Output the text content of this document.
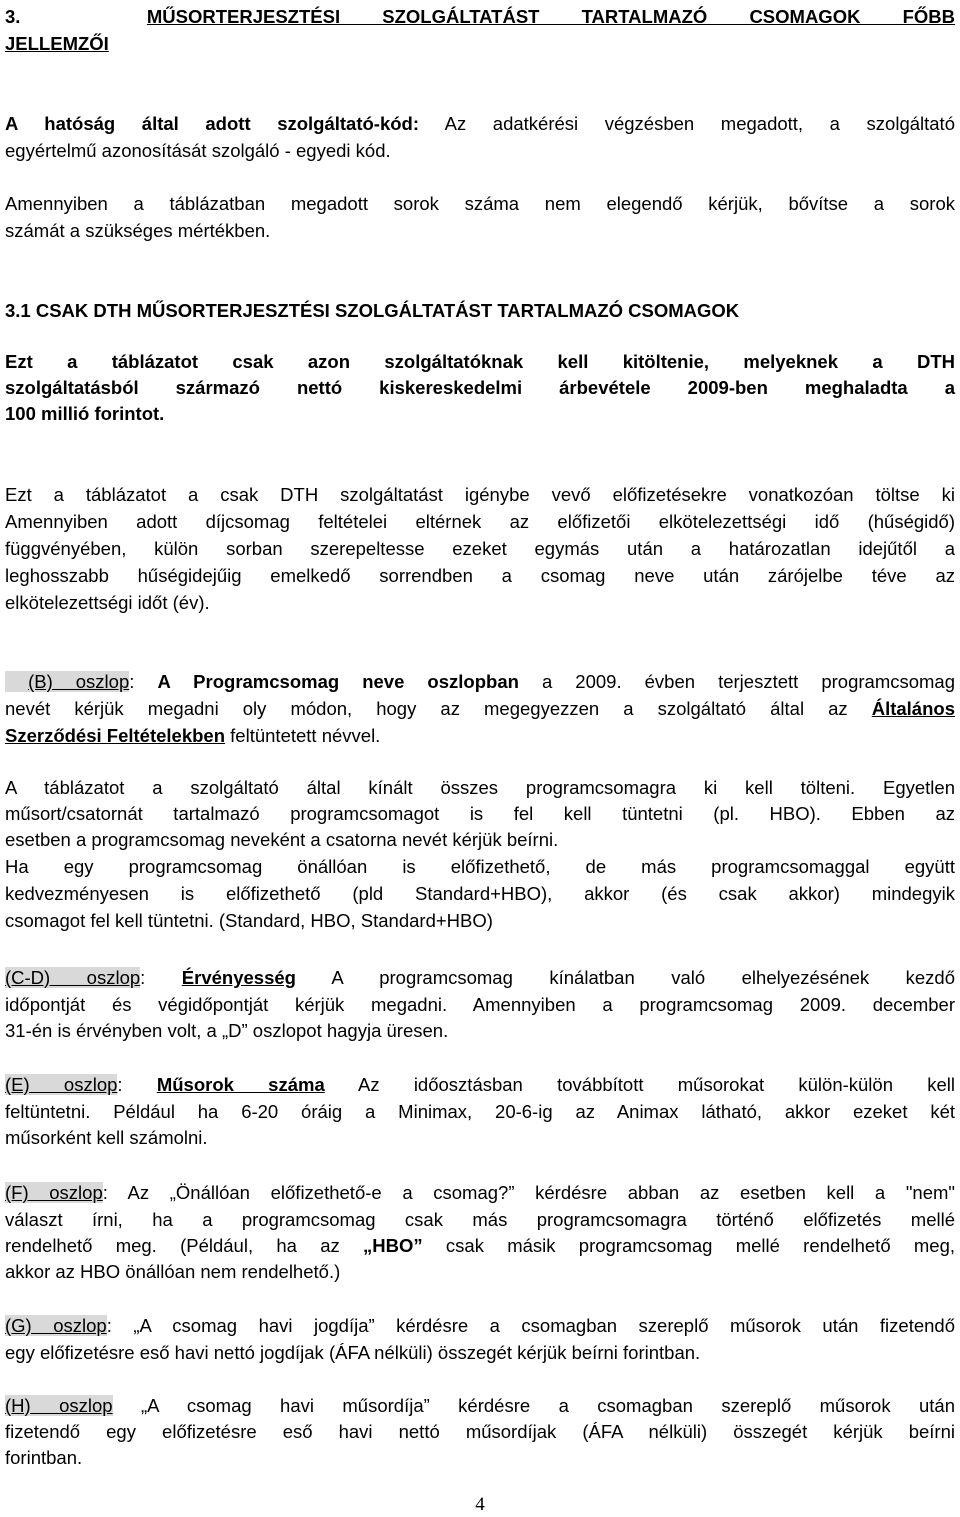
3.	MŰSORTERJESZTÉSI SZOLGÁLTATÁST TARTALMAZÓ CSOMAGOK FŐBB
JELLEMZŐI
A hatóság által adott szolgáltató-kód: Az adatkérési végzésben megadott, a szolgáltató
egyértelmű azonosítását szolgáló - egyedi kód.
Amennyiben a táblázatban megadott sorok száma nem elegendő kérjük, bővítse a sorok
számát a szükséges mértékben.
3.1 CSAK DTH MŰSORTERJESZTÉSI SZOLGÁLTATÁST TARTALMAZÓ CSOMAGOK
Ezt a táblázatot csak azon szolgáltatóknak kell kitöltenie, melyeknek a DTH
szolgáltatásból származó nettó kiskereskedelmi árbevétele 2009-ben meghaladta a
100 millió forintot.
Ezt a táblázatot a csak DTH szolgáltatást igénybe vevő előfizetésekre vonatkozóan töltse ki
Amennyiben adott díjcsomag feltételei eltérnek az előfizetői elkötelezettségi idő (hűségidő)
függvényében, külön sorban szerepeltesse ezeket egymás után a határozatlan idejűtől a
leghosszabb hűségidejűig emelkedő sorrendben a csomag neve után zárójelbe téve az
elkötelezettségi időt (év).
(B) oszlop: A Programcsomag neve oszlopban a 2009. évben terjesztett programcsomag
nevét kérjük megadni oly módon, hogy az megegyezzen a szolgáltató által az Általános
Szerződési Feltételekben feltüntetett névvel.
A táblázatot a szolgáltató által kínált összes programcsomagra ki kell tölteni. Egyetlen
műsort/csatornát tartalmazó programcsomagot is fel kell tüntetni (pl. HBO). Ebben az
esetben a programcsomag neveként a csatorna nevét kérjük beírni.
Ha egy programcsomag önállóan is előfizethető, de más programcsomaggal együtt
kedvezményesen is előfizethető (pld Standard+HBO), akkor (és csak akkor) mindegyik
csomagot fel kell tüntetni. (Standard, HBO, Standard+HBO)
(C-D) oszlop: Érvényesség A programcsomag kínálatban való elhelyezésének kezdő
időpontját és végidőpontját kérjük megadni. Amennyiben a programcsomag 2009. december
31-én is érvényben volt, a „D” oszlopot hagyja üresen.
(E) oszlop: Műsorok száma Az időosztásban továbbított műsorokat külön-külön kell
feltüntetni. Például ha 6-20 óráig a Minimax, 20-6-ig az Animax látható, akkor ezeket két
műsorként kell számolni.
(F) oszlop: Az „Önállóan előfizethető-e a csomag?” kérdésre abban az esetben kell a "nem"
választ írni, ha a programcsomag csak más programcsomagra történő előfizetés mellé
rendelhető meg. (Például, ha az „HBO” csak másik programcsomag mellé rendelhető meg,
akkor az HBO önállóan nem rendelhető.)
(G) oszlop: „A csomag havi jogdíja” kérdésre a csomagban szereplő műsorok után fizetendő
egy előfizetésre eső havi nettó jogdíjak (ÁFA nélküli) összegét kérjük beírni forintban.
(H) oszlop „A csomag havi műsordíja” kérdésre a csomagban szereplő műsorok után
fizetendő egy előfizetésre eső havi nettó műsordíjak (ÁFA nélküli) összegét kérjük beírni
forintban.
4
